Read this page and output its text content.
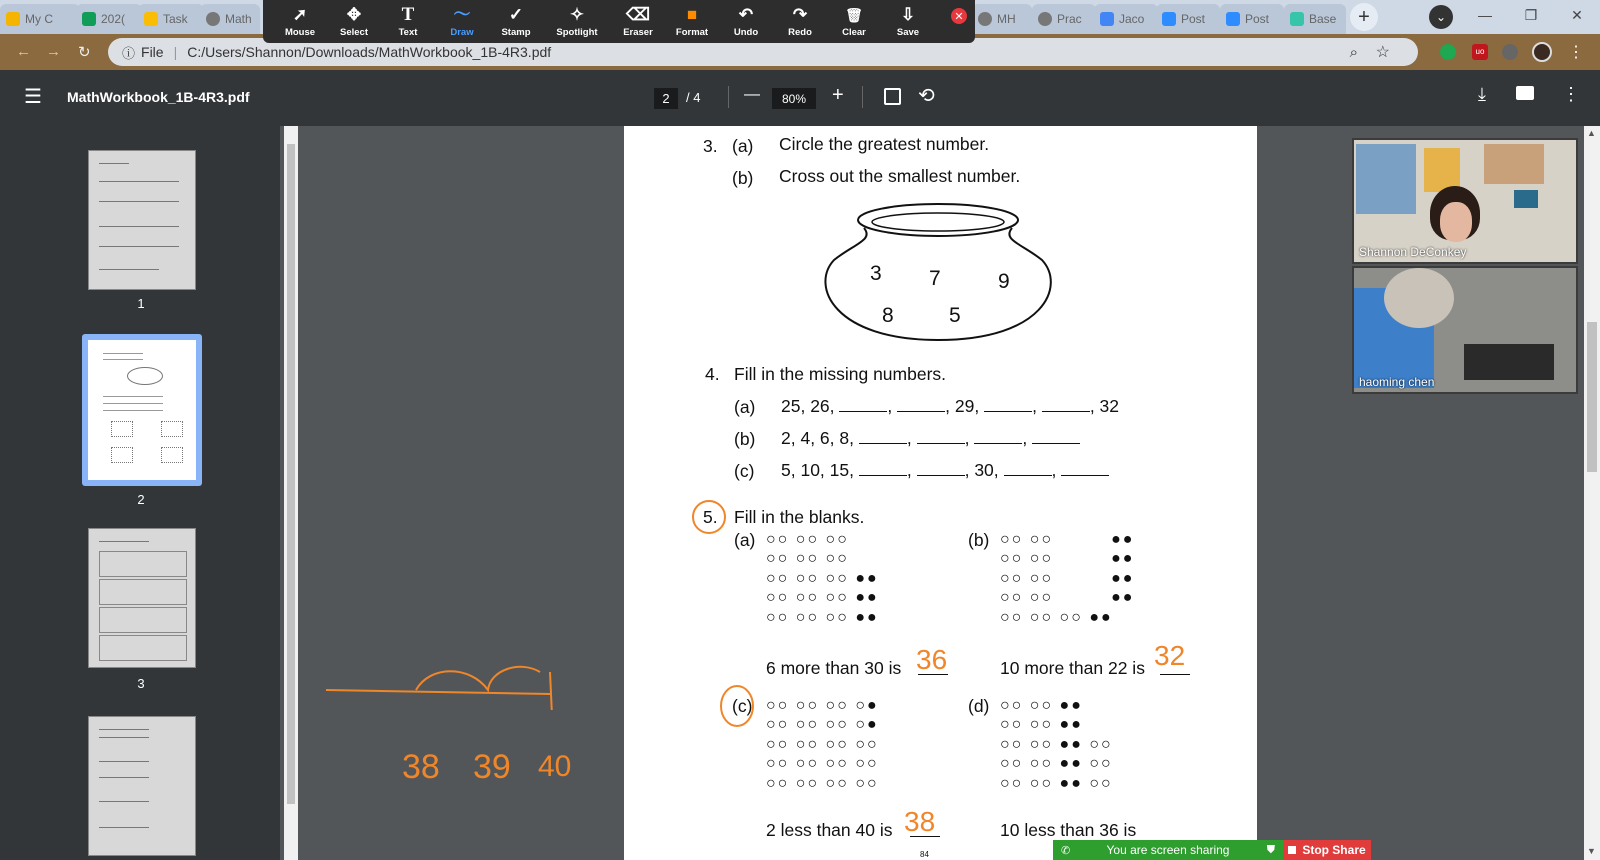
My C	202(	Task	Math	MH	Prac	Jaco	Post	Post	Base	+	⌄	—	❐	✕
← → ↻ ⓘ File | C:/Users/Shannon/Downloads/MathWorkbook_1B-4R3.pdf	⌕ ☆	uo	⋮
➚
Mouse
✥
Select
T
Text
〜
Draw
✓
Stamp
✧
Spotlight
⌫
Eraser
■
Format
↶
Undo
↷
Redo
🗑
Clear
⇩
Save
✕
☰ MathWorkbook_1B-4R3.pdf	2	/ 4	—	80%	+	⟲	⤓	⋮
1
2
3
38 39 40
3. (a) Circle the greatest number.
(b) Cross out the smallest number.
3 7	9
8	5
4. Fill in the missing numbers.
(a) 25, 26,	,	, 29,	,	, 32
(b) 2, 4, 6, 8,	,	,	,
(c) 5, 10, 15,	,	, 30,	,
5. Fill in the blanks.
(a) ○○ ○○ ○○
○○ ○○ ○○
○○ ○○ ○○ ●●
○○ ○○ ○○ ●●
○○ ○○ ○○ ●●
6 more than 30 is 36
(b) ○○ ○○         ●●
○○ ○○         ●●
○○ ○○         ●●
○○ ○○         ●●
○○ ○○ ○○ ●●
10 more than 22 is 32
(c) ○○ ○○ ○○ ○●
○○ ○○ ○○ ○●
○○ ○○ ○○ ○○
○○ ○○ ○○ ○○
○○ ○○ ○○ ○○
2 less than 40 is 38
(d) ○○ ○○ ●●
○○ ○○ ●●
○○ ○○ ●● ○○
○○ ○○ ●● ○○
○○ ○○ ●● ○○
10 less than 36 is
84
Shannon DeConkey
haoming chen
▲
▼
✆	You are screen sharing	⛊ Stop Share
